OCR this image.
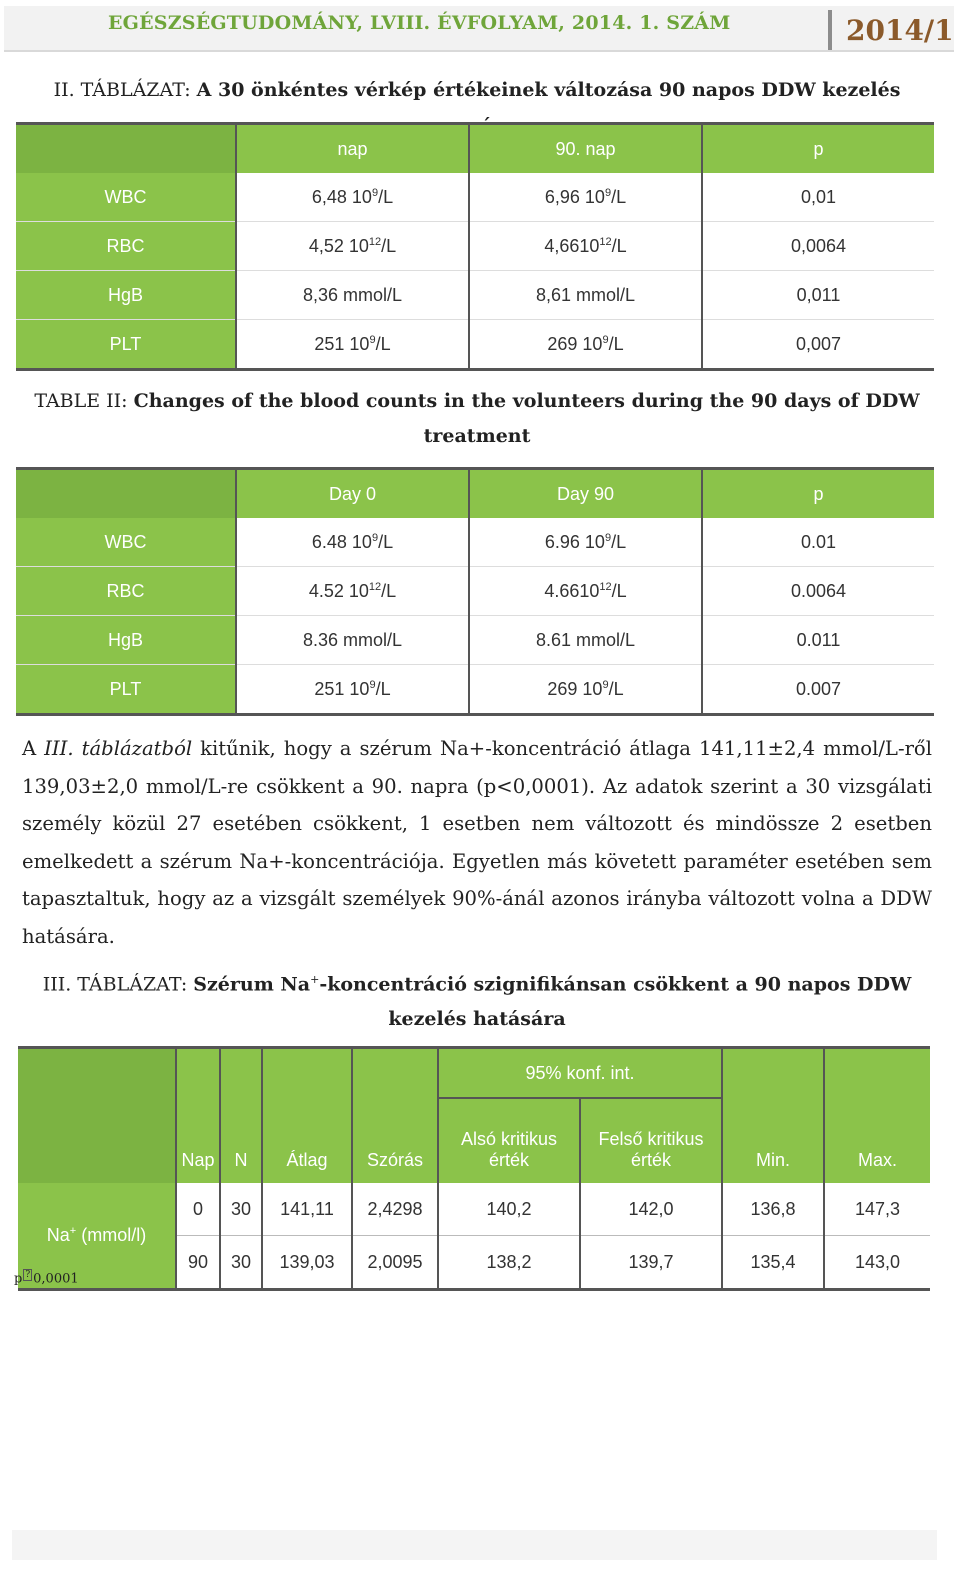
EGÉSZSÉGTUDOMÁNY, LVIII. ÉVFOLYAM, 2014. 1. SZÁM	2014/1
II. TÁBLÁZAT: A 30 önkéntes vérkép értékeinek változása 90 napos DDW kezelés
	nap	90. nap	p
WBC	6,48 $10^9/L$	6,96 $10^9/L$	0,01
RBC	4,52 $10^{12}/L$	4,6610$^{12}$/L	0,0064
HgB	8,36 mmol/L	8,61 mmol/L	0,011
PLT	251 $10^9/L$	269 $10^9/L$	0,007
TABLE II: Changes of the blood counts in the volunteers during the 90 days of DDW
treatment
	Day 0	Day 90	p
WBC	6.48 $10^9/L$	6.96 $10^9/L$	0.01
RBC	4.52 $10^{12}/L$	4.6610$^{12}$/L	0.0064
HgB	8.36 mmol/L	8.61 mmol/L	0.011
PLT	251 $10^9/L$	269 $10^9/L$	0.007
A III. táblázatból kitűnik, hogy a szérum Na+-koncentráció átlaga 141,11±2,4 mmol/L-ről 139,03±2,0 mmol/L-re csökkent a 90. napra (p<0,0001). Az adatok szerint a 30 vizsgálati személy közül 27 esetében csökkent, 1 esetben nem változott és mindössze 2 esetben emelkedett a szérum Na+-koncentrációja. Egyetlen más követett paraméter esetében sem tapasztaltuk, hogy az a vizsgált személyek 90%-ánál azonos irányba változott volna a DDW hatására.
III. TÁBLÁZAT: Szérum Na+-koncentráció szignifikánsan csökkent a 90 napos DDW
kezelés hatására
	Nap	N	Átlag	Szórás	95% konf. int.		Min.	Max.
					Alsó kritikus érték	Felső kritikus érték		
Na+ (mmol/l)	0	30	141,11	2,4298	140,2	142,0	136,8	147,3
	90	30	139,03	2,0095	138,2	139,7	135,4	143,0
p ? 0,0001
